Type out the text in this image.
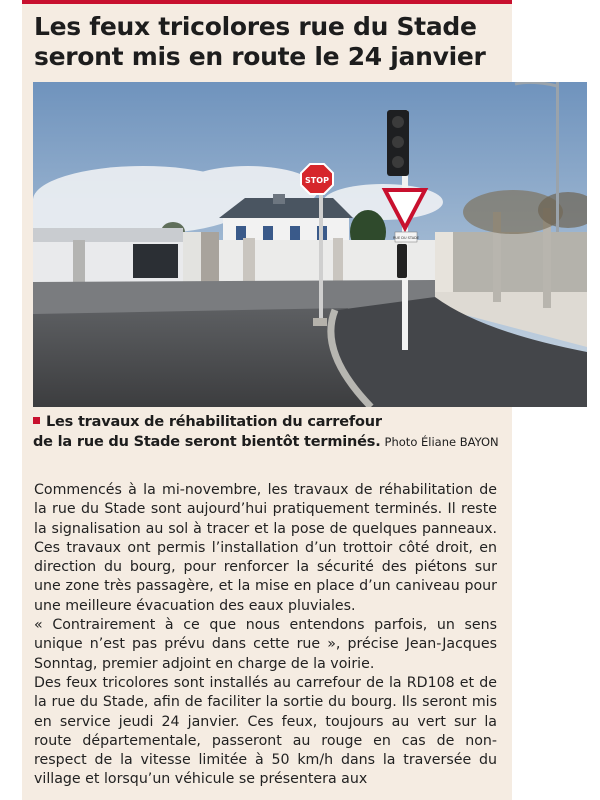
Les feux tricolores rue du Stade
seront mis en route le 24 janvier
STOP
RUE DU STADE
Les travaux de réhabilitation du carrefour
de la rue du Stade seront bientôt terminés. Photo Éliane BAYON

Commencés à la mi-novembre, les travaux de réhabilitation de la rue du Stade sont aujourd’hui pratiquement terminés. Il reste la signalisation au sol à tracer et la pose de quelques panneaux. Ces travaux ont permis l’installation d’un trottoir côté droit, en direction du bourg, pour renforcer la sécurité des piétons sur une zone très passagère, et la mise en place d’un caniveau pour une meilleure évacuation des eaux pluviales.

« Contrairement à ce que nous entendons parfois, un sens unique n’est pas prévu dans cette rue », précise Jean-Jacques Sonntag, premier adjoint en charge de la voirie.

Des feux tricolores sont installés au carrefour de la RD108 et de la rue du Stade, afin de faciliter la sortie du bourg. Ils seront mis en service jeudi 24 janvier. Ces feux, toujours au vert sur la route départementale, passeront au rouge en cas de non-respect de la vitesse limitée à 50 km/h dans la traversée du village et lorsqu’un véhicule se présentera aux
